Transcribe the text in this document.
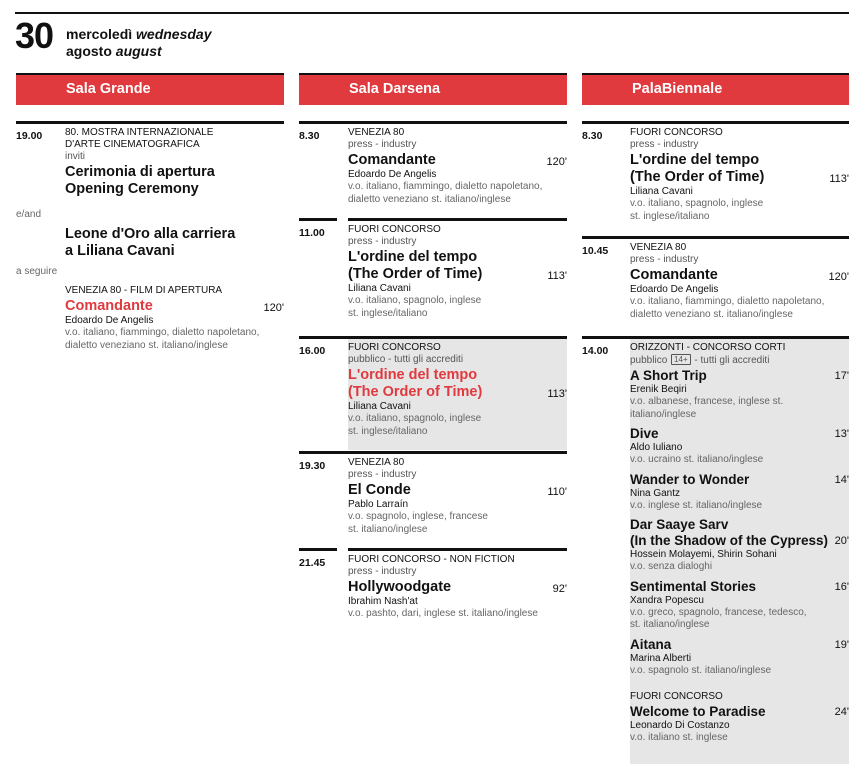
30 mercoledì wednesday
agosto august
Sala Grande
19.00 80. MOSTRA INTERNAZIONALE
D'ARTE CINEMATOGRAFICA
inviti
Cerimonia di apertura
Opening Ceremony
e/and
Leone d'Oro alla carriera
a Liliana Cavani
a seguire
VENEZIA 80 - FILM DI APERTURA
Comandante	120'
Edoardo De Angelis
v.o. italiano, fiammingo, dialetto napoletano,
dialetto veneziano st. italiano/inglese
Sala Darsena
8.30	VENEZIA 80
press - industry
Comandante	120'
Edoardo De Angelis
v.o. italiano, fiammingo, dialetto napoletano,
dialetto veneziano st. italiano/inglese
11.00 FUORI CONCORSO
press - industry
L'ordine del tempo
(The Order of Time)	113'
Liliana Cavani
v.o. italiano, spagnolo, inglese
st. inglese/italiano
16.00 FUORI CONCORSO
pubblico - tutti gli accrediti
L'ordine del tempo
(The Order of Time)	113'
Liliana Cavani
v.o. italiano, spagnolo, inglese
st. inglese/italiano
19.30 VENEZIA 80
press - industry
El Conde	110'
Pablo Larraín
v.o. spagnolo, inglese, francese
st. italiano/inglese
21.45 FUORI CONCORSO - NON FICTION
press - industry
Hollywoodgate	92'
Ibrahim Nash'at
v.o. pashto, dari, inglese st. italiano/inglese
PalaBiennale
8.30	FUORI CONCORSO
press - industry
L'ordine del tempo
(The Order of Time)	113'
Liliana Cavani
v.o. italiano, spagnolo, inglese
st. inglese/italiano
10.45 VENEZIA 80
press - industry
Comandante	120'
Edoardo De Angelis
v.o. italiano, fiammingo, dialetto napoletano,
dialetto veneziano st. italiano/inglese
14.00 ORIZZONTI - CONCORSO CORTI
pubblico 14+ - tutti gli accrediti
A Short Trip	17'
Erenik Beqiri
v.o. albanese, francese, inglese st. italiano/inglese
Dive	13'
Aldo Iuliano
v.o. ucraino st. italiano/inglese
Wander to Wonder	14'
Nina Gantz
v.o. inglese st. italiano/inglese
Dar Saaye Sarv
(In the Shadow of the Cypress) 20'
Hossein Molayemi, Shirin Sohani
v.o. senza dialoghi
Sentimental Stories	16'
Xandra Popescu
v.o. greco, spagnolo, francese, tedesco,
st. italiano/inglese
Aitana	19'
Marina Alberti
v.o. spagnolo st. italiano/inglese
FUORI CONCORSO
Welcome to Paradise	24'
Leonardo Di Costanzo
v.o. italiano st. inglese
